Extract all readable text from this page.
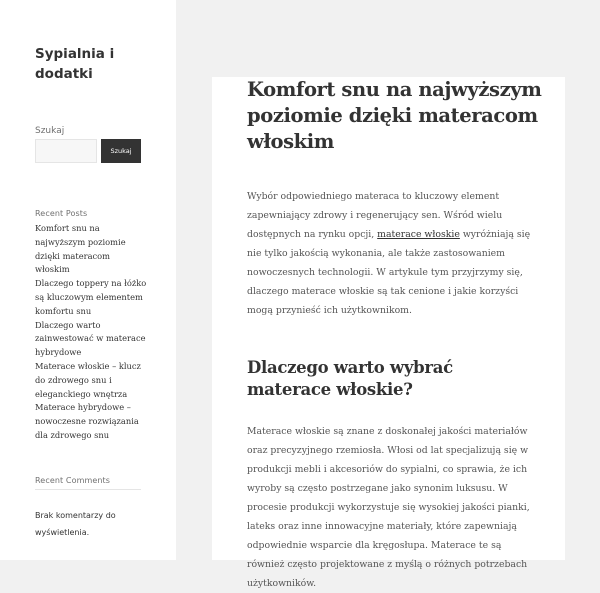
Sypialnia i dodatki
Szukaj
Szukaj
Recent Posts
Komfort snu na najwyższym poziomie dzięki materacom włoskim
Dlaczego toppery na łóżko są kluczowym elementem komfortu snu
Dlaczego warto zainwestować w materace hybrydowe
Materace włoskie – klucz do zdrowego snu i eleganckiego wnętrza
Materace hybrydowe – nowoczesne rozwiązania dla zdrowego snu
Recent Comments
Brak komentarzy do wyświetlenia.
Komfort snu na najwyższym poziomie dzięki materacom włoskim

Wybór odpowiedniego materaca to kluczowy element zapewniający zdrowy i regenerujący sen. Wśród wielu dostępnych na rynku opcji, materace włoskie wyróżniają się nie tylko jakością wykonania, ale także zastosowaniem nowoczesnych technologii. W artykule tym przyjrzymy się, dlaczego materace włoskie są tak cenione i jakie korzyści mogą przynieść ich użytkownikom.

Dlaczego warto wybrać materace włoskie?

Materace włoskie są znane z doskonałej jakości materiałów oraz precyzyjnego rzemiosła. Włosi od lat specjalizują się w produkcji mebli i akcesoriów do sypialni, co sprawia, że ich wyroby są często postrzegane jako synonim luksusu. W procesie produkcji wykorzystuje się wysokiej jakości pianki, lateks oraz inne innowacyjne materiały, które zapewniają odpowiednie wsparcie dla kręgosłupa. Materace te są również często projektowane z myślą o różnych potrzebach użytkowników.
